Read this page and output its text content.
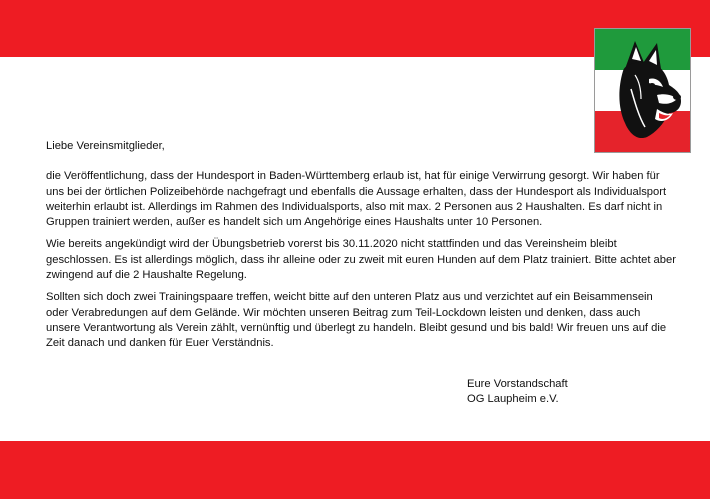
Liebe Vereinsmitglieder,

die Veröffentlichung, dass der Hundesport in Baden-Württemberg erlaub ist, hat für einige Verwirrung gesorgt. Wir haben für uns bei der örtlichen Polizeibehörde nachgefragt und ebenfalls die Aussage erhalten, dass der Hundesport als Individualsport weiterhin erlaubt ist. Allerdings im Rahmen des Individualsports, also mit max. 2 Personen aus 2 Haushalten. Es darf nicht in Gruppen trainiert werden, außer es handelt sich um Angehörige eines Haushalts unter 10 Personen.

Wie bereits angekündigt wird der Übungsbetrieb vorerst bis 30.11.2020 nicht stattfinden und das Vereinsheim bleibt geschlossen. Es ist allerdings möglich, dass ihr alleine oder zu zweit mit euren Hunden auf dem Platz trainiert. Bitte achtet aber zwingend auf die 2 Haushalte Regelung.

Sollten sich doch zwei Trainingspaare treffen, weicht bitte auf den unteren Platz aus und verzichtet auf ein Beisammensein oder Verabredungen auf dem Gelände. Wir möchten unseren Beitrag zum Teil-Lockdown leisten und denken, dass auch unsere Verantwortung als Verein zählt, vernünftig und überlegt zu handeln. Bleibt gesund und bis bald! Wir freuen uns auf die Zeit danach und danken für Euer Verständnis.

Eure Vorstandschaft
OG Laupheim e.V.
